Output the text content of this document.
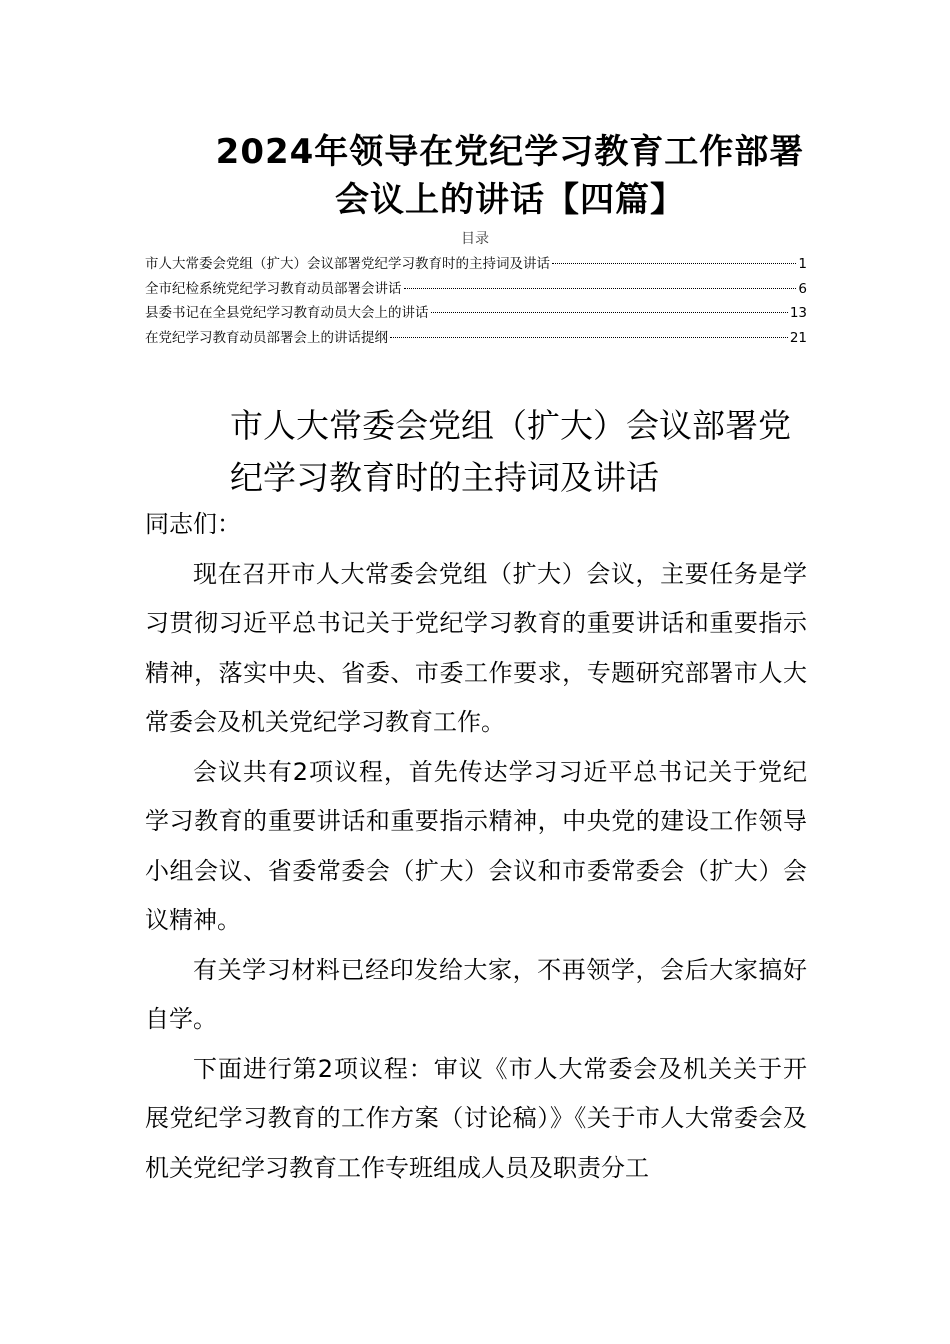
2024年领导在党纪学习教育工作部署会议上的讲话【四篇】
目录
市人大常委会党组（扩大）会议部署党纪学习教育时的主持词及讲话	1
全市纪检系统党纪学习教育动员部署会讲话	6
县委书记在全县党纪学习教育动员大会上的讲话	13
在党纪学习教育动员部署会上的讲话提纲	21
市人大常委会党组（扩大）会议部署党纪学习教育时的主持词及讲话

同志们：

现在召开市人大常委会党组（扩大）会议，主要任务是学习贯彻习近平总书记关于党纪学习教育的重要讲话和重要指示精神，落实中央、省委、市委工作要求，专题研究部署市人大常委会及机关党纪学习教育工作。

会议共有2项议程，首先传达学习习近平总书记关于党纪学习教育的重要讲话和重要指示精神，中央党的建设工作领导小组会议、省委常委会（扩大）会议和市委常委会（扩大）会议精神。

有关学习材料已经印发给大家，不再领学，会后大家搞好自学。

下面进行第2项议程：审议《市人大常委会及机关关于开展党纪学习教育的工作方案（讨论稿）》《关于市人大常委会及机关党纪学习教育工作专班组成人员及职责分工
